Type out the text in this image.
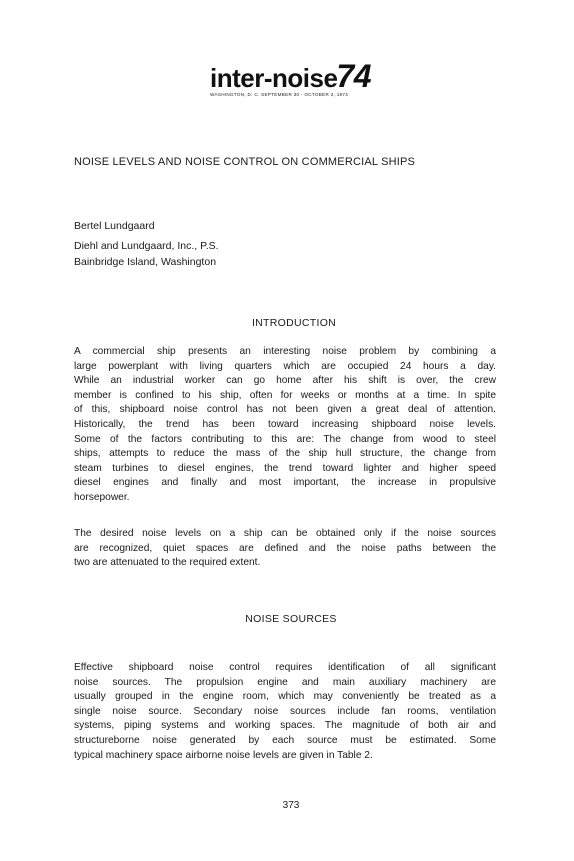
inter-noise74
WASHINGTON, D. C. SEPTEMBER 30 - OCTOBER 2, 1974
NOISE LEVELS AND NOISE CONTROL ON COMMERCIAL SHIPS
Bertel Lundgaard
Diehl and Lundgaard, Inc., P.S.
Bainbridge Island, Washington
INTRODUCTION
A commercial ship presents an interesting noise problem by combining a
large powerplant with living quarters which are occupied 24 hours a day.
While an industrial worker can go home after his shift is over, the crew
member is confined to his ship, often for weeks or months at a time. In spite
of this, shipboard noise control has not been given a great deal of attention.
Historically, the trend has been toward increasing shipboard noise levels.
Some of the factors contributing to this are: The change from wood to steel
ships, attempts to reduce the mass of the ship hull structure, the change from
steam turbines to diesel engines, the trend toward lighter and higher speed
diesel engines and finally and most important, the increase in propulsive
horsepower.
The desired noise levels on a ship can be obtained only if the noise sources
are recognized, quiet spaces are defined and the noise paths between the
two are attenuated to the required extent.
NOISE SOURCES
Effective shipboard noise control requires identification of all significant
noise sources. The propulsion engine and main auxiliary machinery are
usually grouped in the engine room, which may conveniently be treated as a
single noise source. Secondary noise sources include fan rooms, ventilation
systems, piping systems and working spaces. The magnitude of both air and
structureborne noise generated by each source must be estimated. Some
typical machinery space airborne noise levels are given in Table 2.
373
